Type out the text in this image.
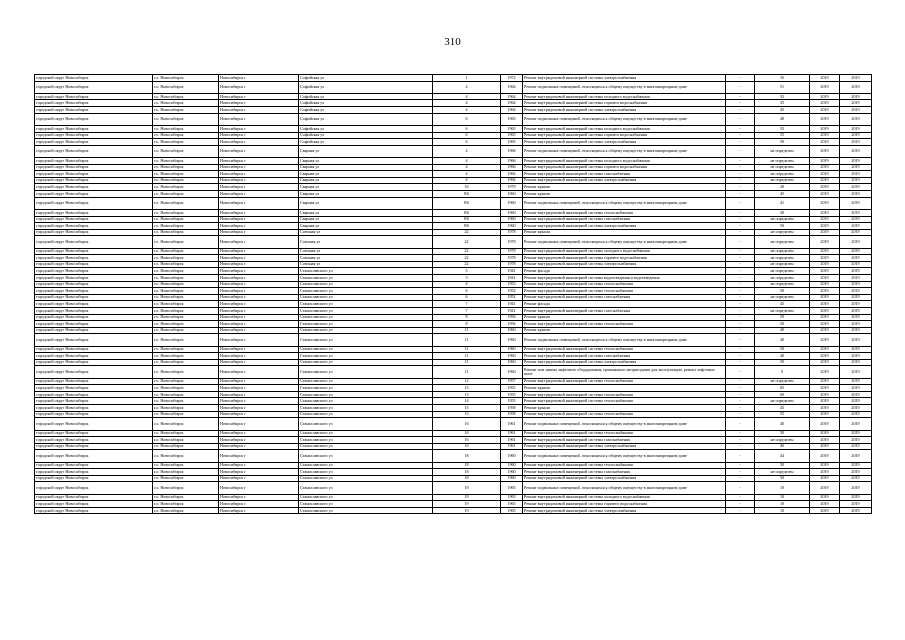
310
городской округ Новосибирск	г.о. Новосибирск	Новосибирск г	Софийская ул	1	1972	Ремонт внутридомовой инженерной системы электроснабжения	-	35	2019	2019
городской округ Новосибирск	г.о. Новосибирск	Новосибирск г	Софийская ул	4	1964	Ремонт подвальных помещений, относящихся к общему имуществу в многоквартирном доме	-	51	2019	2019
городской округ Новосибирск	г.о. Новосибирск	Новосибирск г	Софийская ул	4	1964	Ремонт внутридомовой инженерной системы холодного водоснабжения	-	35	2019	2019
городской округ Новосибирск	г.о. Новосибирск	Новосибирск г	Софийская ул	4	1964	Ремонт внутридомовой инженерной системы горячего водоснабжения	-	35	2019	2019
городской округ Новосибирск	г.о. Новосибирск	Новосибирск г	Софийская ул	4	1964	Ремонт внутридомовой инженерной системы электроснабжения	-	45	2019	2019
городской округ Новосибирск	г.о. Новосибирск	Новосибирск г	Софийская ул	6	1965	Ремонт подвальных помещений, относящихся к общему имуществу в многоквартирном доме	-	48	2019	2019
городской округ Новосибирск	г.о. Новосибирск	Новосибирск г	Софийская ул	6	1965	Ремонт внутридомовой инженерной системы холодного водоснабжения	-	55	2019	2019
городской округ Новосибирск	г.о. Новосибирск	Новосибирск г	Софийская ул	6	1965	Ремонт внутридомовой инженерной системы горячего водоснабжения	-	55	2019	2019
городской округ Новосибирск	г.о. Новосибирск	Новосибирск г	Софийская ул	6	1965	Ремонт внутридомовой инженерной системы электроснабжения	-	50	2019	2019
городской округ Новосибирск	г.о. Новосибирск	Новосибирск г	Сварная ул	4	1966	Ремонт подвальных помещений, относящихся к общему имуществу в многоквартирном доме	-	не определен	2019	2019
городской округ Новосибирск	г.о. Новосибирск	Новосибирск г	Сварная ул	4	1966	Ремонт внутридомовой инженерной системы холодного водоснабжения	-	не определен	2019	2019
городской округ Новосибирск	г.о. Новосибирск	Новосибирск г	Сварная ул	4	1966	Ремонт внутридомовой инженерной системы горячего водоснабжения	-	не определен	2019	2019
городской округ Новосибирск	г.о. Новосибирск	Новосибирск г	Сварная ул	4	1966	Ремонт внутридомовой инженерной системы газоснабжения	-	не определен	2019	2019
городской округ Новосибирск	г.о. Новосибирск	Новосибирск г	Сварная ул	4	1966	Ремонт внутридомовой инженерной системы электроснабжения	-	не определен	2019	2019
городской округ Новосибирск	г.о. Новосибирск	Новосибирск г	Сварная ул	16	1979	Ремонт крыши	-	20	2019	2019
городской округ Новосибирск	г.о. Новосибирск	Новосибирск г	Сварная ул	8/6	1960	Ремонт крыши	-	45	2019	2019
городской округ Новосибирск	г.о. Новосибирск	Новосибирск г	Сварная ул	8/6	1960	Ремонт подвальных помещений, относящихся к общему имуществу в многоквартирном доме	-	41	2019	2019
городской округ Новосибирск	г.о. Новосибирск	Новосибирск г	Сварная ул	8/6	1960	Ремонт внутридомовой инженерной системы теплоснабжения	-	30	2019	2019
городской округ Новосибирск	г.о. Новосибирск	Новосибирск г	Сварная ул	8/6	1960	Ремонт внутридомовой инженерной системы газоснабжения	-	не определен	2019	2019
городской округ Новосибирск	г.о. Новосибирск	Новосибирск г	Сварная ул	8/6	1960	Ремонт внутридомовой инженерной системы электроснабжения	-	50	2019	2019
городской округ Новосибирск	г.о. Новосибирск	Новосибирск г	Союзная ул	22	1978	Ремонт крыши	-	не определен	2019	2019
городской округ Новосибирск	г.о. Новосибирск	Новосибирск г	Союзная ул	22	1978	Ремонт подвальных помещений, относящихся к общему имуществу в многоквартирном доме	-	не определен	2019	2019
городской округ Новосибирск	г.о. Новосибирск	Новосибирск г	Союзная ул	22	1978	Ремонт внутридомовой инженерной системы холодного водоснабжения	-	не определен	2019	2019
городской округ Новосибирск	г.о. Новосибирск	Новосибирск г	Союзная ул	22	1978	Ремонт внутридомовой инженерной системы горячего водоснабжения	-	не определен	2019	2019
городской округ Новосибирск	г.о. Новосибирск	Новосибирск г	Союзная ул	22	1978	Ремонт внутридомовой инженерной системы электроснабжения	-	не определен	2019	2019
городской округ Новосибирск	г.о. Новосибирск	Новосибирск г	Станиславского ул	3	1941	Ремонт фасада	-	не определен	2019	2019
городской округ Новосибирск	г.о. Новосибирск	Новосибирск г	Станиславского ул	3	1941	Ремонт внутридомовой инженерной системы водоотведения и водоотведения	-	не определен	2019	2019
городской округ Новосибирск	г.о. Новосибирск	Новосибирск г	Станиславского ул	4	1953	Ремонт внутридомовой инженерной системы теплоснабжения	-	не определен	2019	2019
городской округ Новосибирск	г.о. Новосибирск	Новосибирск г	Станиславского ул	6	1952	Ремонт внутридомовой инженерной системы теплоснабжения	-	50	2019	2019
городской округ Новосибирск	г.о. Новосибирск	Новосибирск г	Станиславского ул	6	1952	Ремонт внутридомовой инженерной системы газоснабжения	-	не определен	2019	2019
городской округ Новосибирск	г.о. Новосибирск	Новосибирск г	Станиславского ул	7	1941	Ремонт фасада	-	45	2019	2019
городской округ Новосибирск	г.о. Новосибирск	Новосибирск г	Станиславского ул	7	1941	Ремонт внутридомовой инженерной системы газоснабжения	-	не определен	2019	2019
городской округ Новосибирск	г.о. Новосибирск	Новосибирск г	Станиславского ул	8	1956	Ремонт крыши	-	50	2019	2019
городской округ Новосибирск	г.о. Новосибирск	Новосибирск г	Станиславского ул	8	1956	Ремонт внутридомовой инженерной системы теплоснабжения	-	50	2019	2019
городской округ Новосибирск	г.о. Новосибирск	Новосибирск г	Станиславского ул	11	1960	Ремонт крыши	-	40	2019	2019
городской округ Новосибирск	г.о. Новосибирск	Новосибирск г	Станиславского ул	11	1960	Ремонт подвальных помещений, относящихся к общему имуществу в многоквартирном доме	-	40	2019	2019
городской округ Новосибирск	г.о. Новосибирск	Новосибирск г	Станиславского ул	11	1960	Ремонт внутридомовой инженерной системы теплоснабжения	-	50	2019	2019
городской округ Новосибирск	г.о. Новосибирск	Новосибирск г	Станиславского ул	11	1960	Ремонт внутридомовой инженерной системы газоснабжения	-	40	2019	2019
городской округ Новосибирск	г.о. Новосибирск	Новосибирск г	Станиславского ул	11	1960	Ремонт внутридомовой инженерной системы электроснабжения	-	50	2019	2019
городской округ Новосибирск	г.о. Новосибирск	Новосибирск г	Станиславского ул	11	1960	Ремонт или замена лифтового оборудования, признанного непригодным для эксплуатации, ремонт лифтовых шахт	-	0	2019	2019
городской округ Новосибирск	г.о. Новосибирск	Новосибирск г	Станиславского ул	12	1957	Ремонт внутридомовой инженерной системы теплоснабжения	-	не определен	2019	2019
городской округ Новосибирск	г.о. Новосибирск	Новосибирск г	Станиславского ул	13	1955	Ремонт крыши	-	65	2019	2019
городской округ Новосибирск	г.о. Новосибирск	Новосибирск г	Станиславского ул	13	1955	Ремонт внутридомовой инженерной системы теплоснабжения	-	60	2019	2019
городской округ Новосибирск	г.о. Новосибирск	Новосибирск г	Станиславского ул	14	1955	Ремонт внутридомовой инженерной системы теплоснабжения	-	не определен	2019	2019
городской округ Новосибирск	г.о. Новосибирск	Новосибирск г	Станиславского ул	15	1958	Ремонт крыши	-	45	2019	2019
городской округ Новосибирск	г.о. Новосибирск	Новосибирск г	Станиславского ул	15	1958	Ремонт внутридомовой инженерной системы теплоснабжения	-	55	2019	2019
городской округ Новосибирск	г.о. Новосибирск	Новосибирск г	Станиславского ул	16	1961	Ремонт подвальных помещений, относящихся к общему имуществу в многоквартирном доме	-	40	2019	2019
городской округ Новосибирск	г.о. Новосибирск	Новосибирск г	Станиславского ул	16	1961	Ремонт внутридомовой инженерной системы теплоснабжения	-	50	2019	2019
городской округ Новосибирск	г.о. Новосибирск	Новосибирск г	Станиславского ул	16	1961	Ремонт внутридомовой инженерной системы газоснабжения	-	не определен	2019	2019
городской округ Новосибирск	г.о. Новосибирск	Новосибирск г	Станиславского ул	16	1961	Ремонт внутридомовой инженерной системы электроснабжения	-	40	2019	2019
городской округ Новосибирск	г.о. Новосибирск	Новосибирск г	Станиславского ул	18	1960	Ремонт подвальных помещений, относящихся к общему имуществу в многоквартирном доме	-	44	2019	2019
городской округ Новосибирск	г.о. Новосибирск	Новосибирск г	Станиславского ул	18	1960	Ремонт внутридомовой инженерной системы теплоснабжения	-	50	2019	2019
городской округ Новосибирск	г.о. Новосибирск	Новосибирск г	Станиславского ул	18	1960	Ремонт внутридомовой инженерной системы газоснабжения	-	не определен	2019	2019
городской округ Новосибирск	г.о. Новосибирск	Новосибирск г	Станиславского ул	18	1960	Ремонт внутридомовой инженерной системы электроснабжения	-	50	2019	2019
городской округ Новосибирск	г.о. Новосибирск	Новосибирск г	Станиславского ул	19	1965	Ремонт подвальных помещений, относящихся к общему имуществу в многоквартирном доме	-	10	2019	2019
городской округ Новосибирск	г.о. Новосибирск	Новосибирск г	Станиславского ул	19	1965	Ремонт внутридомовой инженерной системы холодного водоснабжения	-	10	2019	2019
городской округ Новосибирск	г.о. Новосибирск	Новосибирск г	Станиславского ул	19	1965	Ремонт внутридомовой инженерной системы горячего водоснабжения	-	10	2019	2019
городской округ Новосибирск	г.о. Новосибирск	Новосибирск г	Станиславского ул	19	1965	Ремонт внутридомовой инженерной системы электроснабжения	-	10	2019	2019
